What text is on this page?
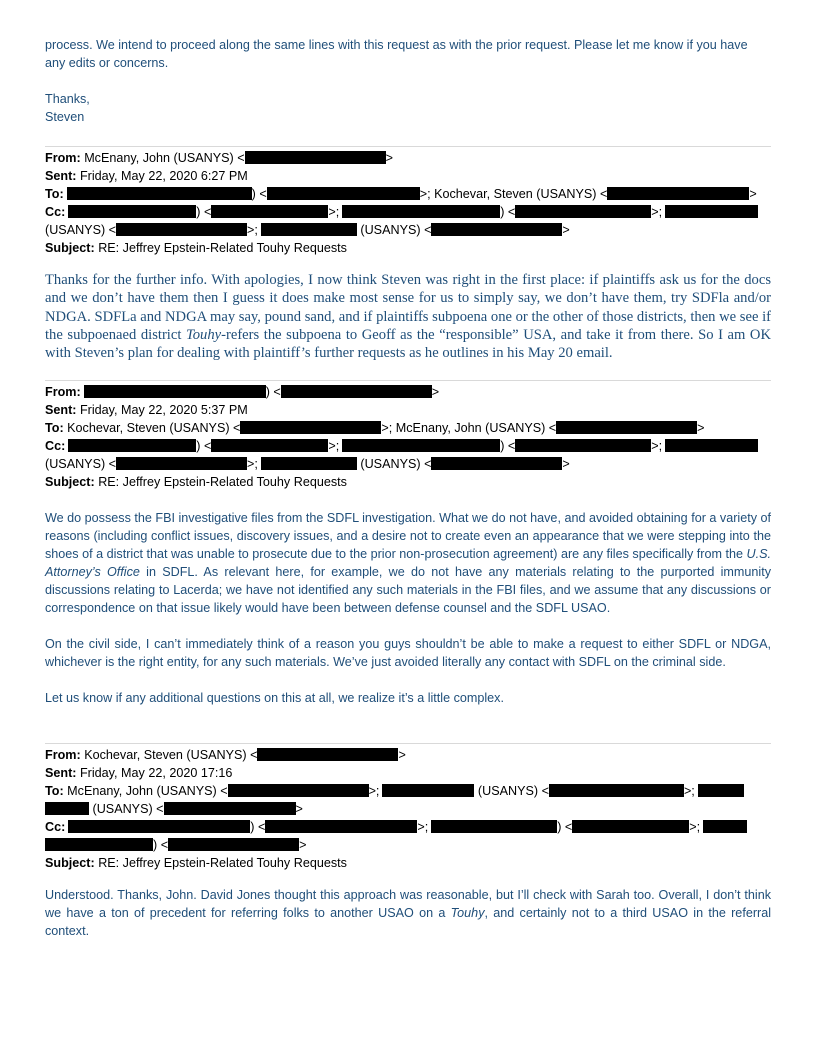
process. We intend to proceed along the same lines with this request as with the prior request. Please let me know if you have any edits or concerns.

Thanks,

Steven

From: McEnany, John (USANYS) <	>

Sent: Friday, May 22, 2020 6:27 PM

To:	) <	>; Kochevar, Steven (USANYS) <	>

Cc:	) <	>;	) <	>;

(USANYS) <	>;	(USANYS) <	>

Subject: RE: Jeffrey Epstein-Related Touhy Requests

Thanks for the further info. With apologies, I now think Steven was right in the first place: if plaintiffs ask us for the docs and we don’t have them then I guess it does make most sense for us to simply say, we don’t have them, try SDFla and/or NDGA. SDFLa and NDGA may say, pound sand, and if plaintiffs subpoena one or the other of those districts, then we see if the subpoenaed district Touhy-refers the subpoena to Geoff as the “responsible” USA, and take it from there. So I am OK with Steven’s plan for dealing with plaintiff’s further requests as he outlines in his May 20 email.

From:	) <	>

Sent: Friday, May 22, 2020 5:37 PM

To: Kochevar, Steven (USANYS) <	>; McEnany, John (USANYS) <	>

Cc:	) <	>;	) <	>;

(USANYS) <	>;	(USANYS) <	>

Subject: RE: Jeffrey Epstein-Related Touhy Requests

We do possess the FBI investigative files from the SDFL investigation. What we do not have, and avoided obtaining for a variety of reasons (including conflict issues, discovery issues, and a desire not to create even an appearance that we were stepping into the shoes of a district that was unable to prosecute due to the prior non-prosecution agreement) are any files specifically from the U.S. Attorney’s Office in SDFL. As relevant here, for example, we do not have any materials relating to the purported immunity discussions relating to Lacerda; we have not identified any such materials in the FBI files, and we assume that any discussions or correspondence on that issue likely would have been between defense counsel and the SDFL USAO.

On the civil side, I can’t immediately think of a reason you guys shouldn’t be able to make a request to either SDFL or NDGA, whichever is the right entity, for any such materials. We’ve just avoided literally any contact with SDFL on the criminal side.

Let us know if any additional questions on this at all, we realize it’s a little complex.

From: Kochevar, Steven (USANYS) <	>

Sent: Friday, May 22, 2020 17:16

To: McEnany, John (USANYS) <	>;	(USANYS) <	>;

(USANYS) <	>

Cc:	) <	>;	) <	>;

) <	>

Subject: RE: Jeffrey Epstein-Related Touhy Requests

Understood. Thanks, John. David Jones thought this approach was reasonable, but I’ll check with Sarah too. Overall, I don’t think we have a ton of precedent for referring folks to another USAO on a Touhy, and certainly not to a third USAO in the referral context.
